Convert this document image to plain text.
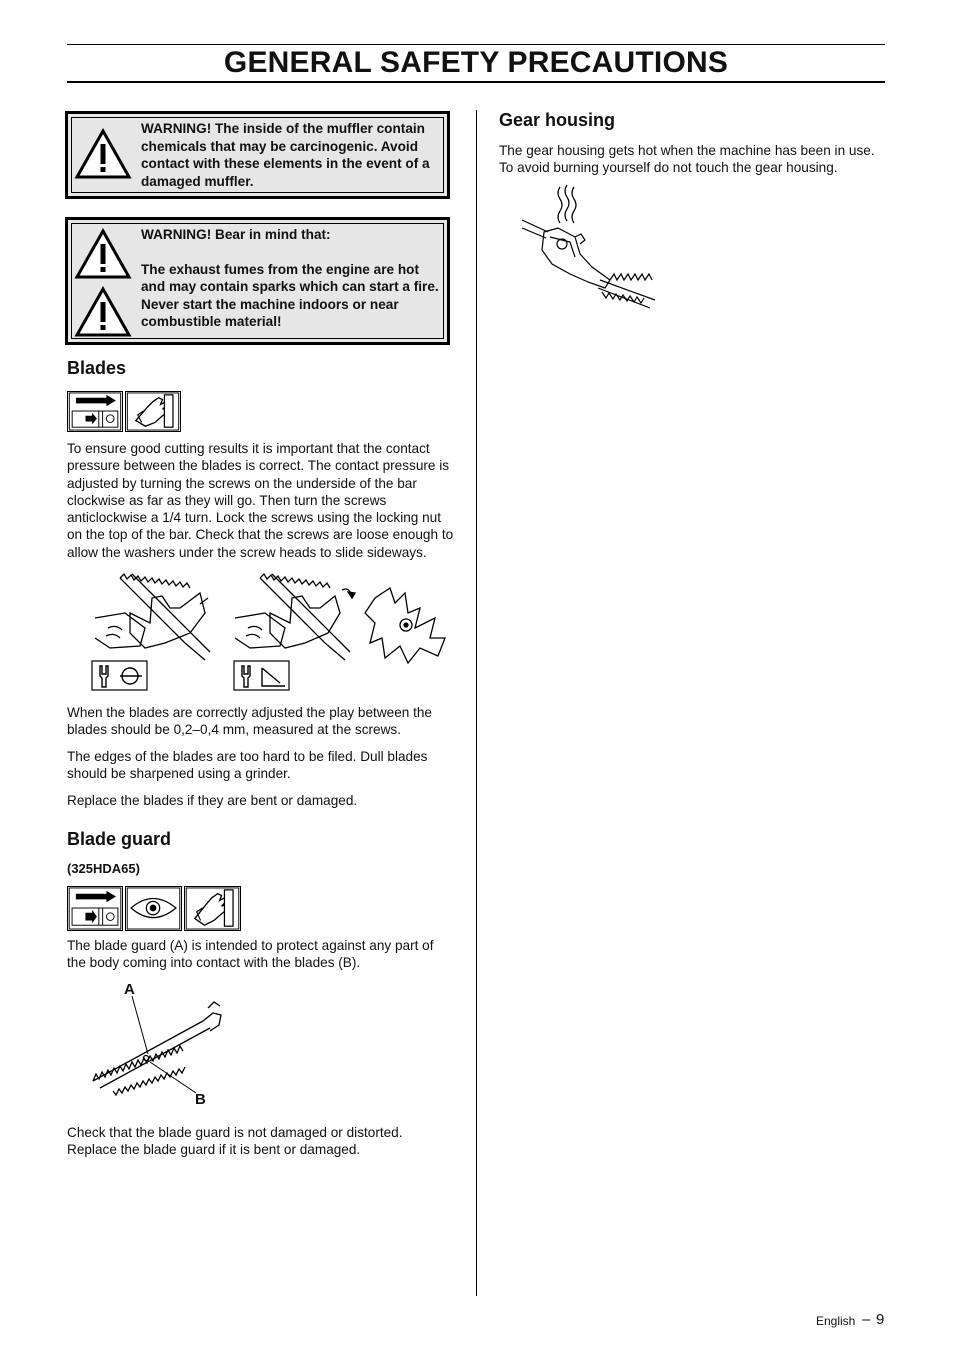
GENERAL SAFETY PRECAUTIONS

WARNING! The inside of the muffler contain chemicals that may be carcinogenic. Avoid contact with these elements in the event of a damaged muffler.

WARNING! Bear in mind that:

The exhaust fumes from the engine are hot and may contain sparks which can start a fire. Never start the machine indoors or near combustible material!

Blades

To ensure good cutting results it is important that the contact pressure between the blades is correct. The contact pressure is adjusted by turning the screws on the underside of the bar clockwise as far as they will go. Then turn the screws anticlockwise a 1/4 turn. Lock the screws using the locking nut on the top of the bar. Check that the screws are loose enough to allow the washers under the screw heads to slide sideways.

When the blades are correctly adjusted the play between the blades should be 0,2–0,4 mm, measured at the screws.

The edges of the blades are too hard to be filed. Dull blades should be sharpened using a grinder.

Replace the blades if they are bent or damaged.

Blade guard
(325HDA65)

The blade guard (A) is intended to protect against any part of the body coming into contact with the blades (B).

A
B

Check that the blade guard is not damaged or distorted. Replace the blade guard if it is bent or damaged.

Gear housing

The gear housing gets hot when the machine has been in use. To avoid burning yourself do not touch the gear housing.

English – 9
